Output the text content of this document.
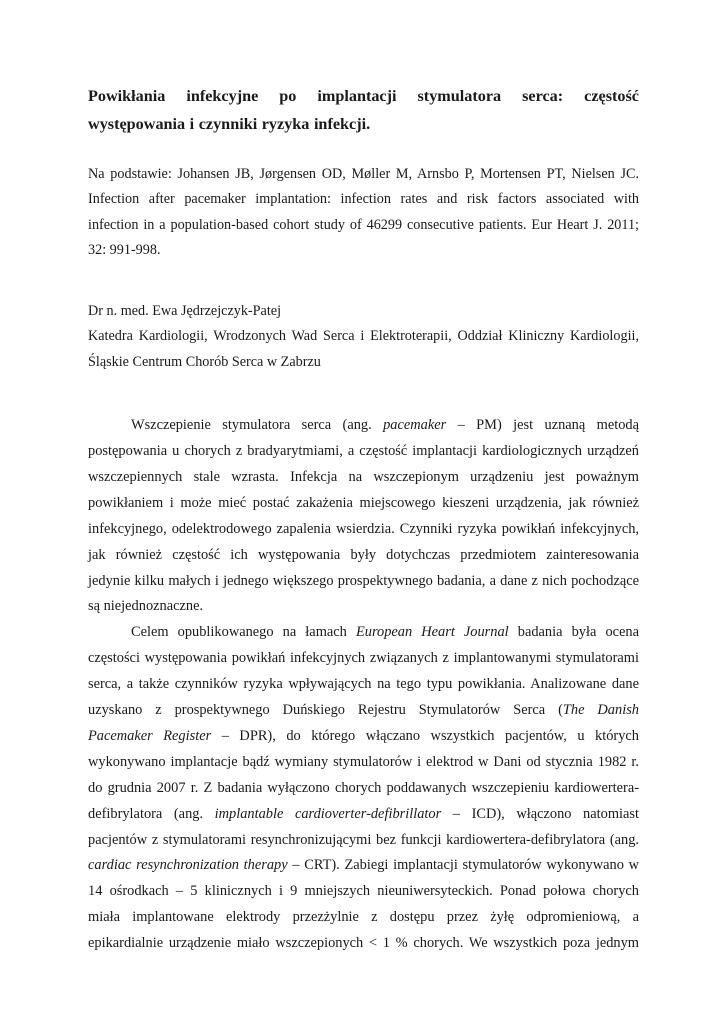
Powikłania infekcyjne po implantacji stymulatora serca: częstość
występowania i czynniki ryzyka infekcji.
Na podstawie: Johansen JB, Jørgensen OD, Møller M, Arnsbo P, Mortensen PT, Nielsen JC.
Infection after pacemaker implantation: infection rates and risk factors associated with
infection in a population-based cohort study of 46299 consecutive patients. Eur Heart J. 2011;
32: 991-998.
Dr n. med. Ewa Jędrzejczyk-Patej
Katedra Kardiologii, Wrodzonych Wad Serca i Elektroterapii, Oddział Kliniczny Kardiologii,
Śląskie Centrum Chorób Serca w Zabrzu
Wszczepienie stymulatora serca (ang. pacemaker – PM) jest uznaną metodą
postępowania u chorych z bradyarytmiami, a częstość implantacji kardiologicznych urządzeń
wszczepiennych stale wzrasta. Infekcja na wszczepionym urządzeniu jest poważnym
powikłaniem i może mieć postać zakażenia miejscowego kieszeni urządzenia, jak również
infekcyjnego, odelektrodowego zapalenia wsierdzia. Czynniki ryzyka powikłań infekcyjnych,
jak również częstość ich występowania były dotychczas przedmiotem zainteresowania
jedynie kilku małych i jednego większego prospektywnego badania, a dane z nich pochodzące
są niejednoznaczne.
Celem opublikowanego na łamach European Heart Journal badania była ocena
częstości występowania powikłań infekcyjnych związanych z implantowanymi stymulatorami
serca, a także czynników ryzyka wpływających na tego typu powikłania. Analizowane dane
uzyskano z prospektywnego Duńskiego Rejestru Stymulatorów Serca (The Danish
Pacemaker Register – DPR), do którego włączano wszystkich pacjentów, u których
wykonywano implantacje bądź wymiany stymulatorów i elektrod w Dani od stycznia 1982 r.
do grudnia 2007 r. Z badania wyłączono chorych poddawanych wszczepieniu kardiowertera-
defibrylatora (ang. implantable cardioverter-defibrillator – ICD), włączono natomiast
pacjentów z stymulatorami resynchronizującymi bez funkcji kardiowertera-defibrylatora (ang.
cardiac resynchronization therapy – CRT). Zabiegi implantacji stymulatorów wykonywano w
14 ośrodkach – 5 klinicznych i 9 mniejszych nieuniwersyteckich. Ponad połowa chorych
miała implantowane elektrody przezżylnie z dostępu przez żyłę odpromieniową, a
epikardialnie urządzenie miało wszczepionych < 1 % chorych. We wszystkich poza jednym
